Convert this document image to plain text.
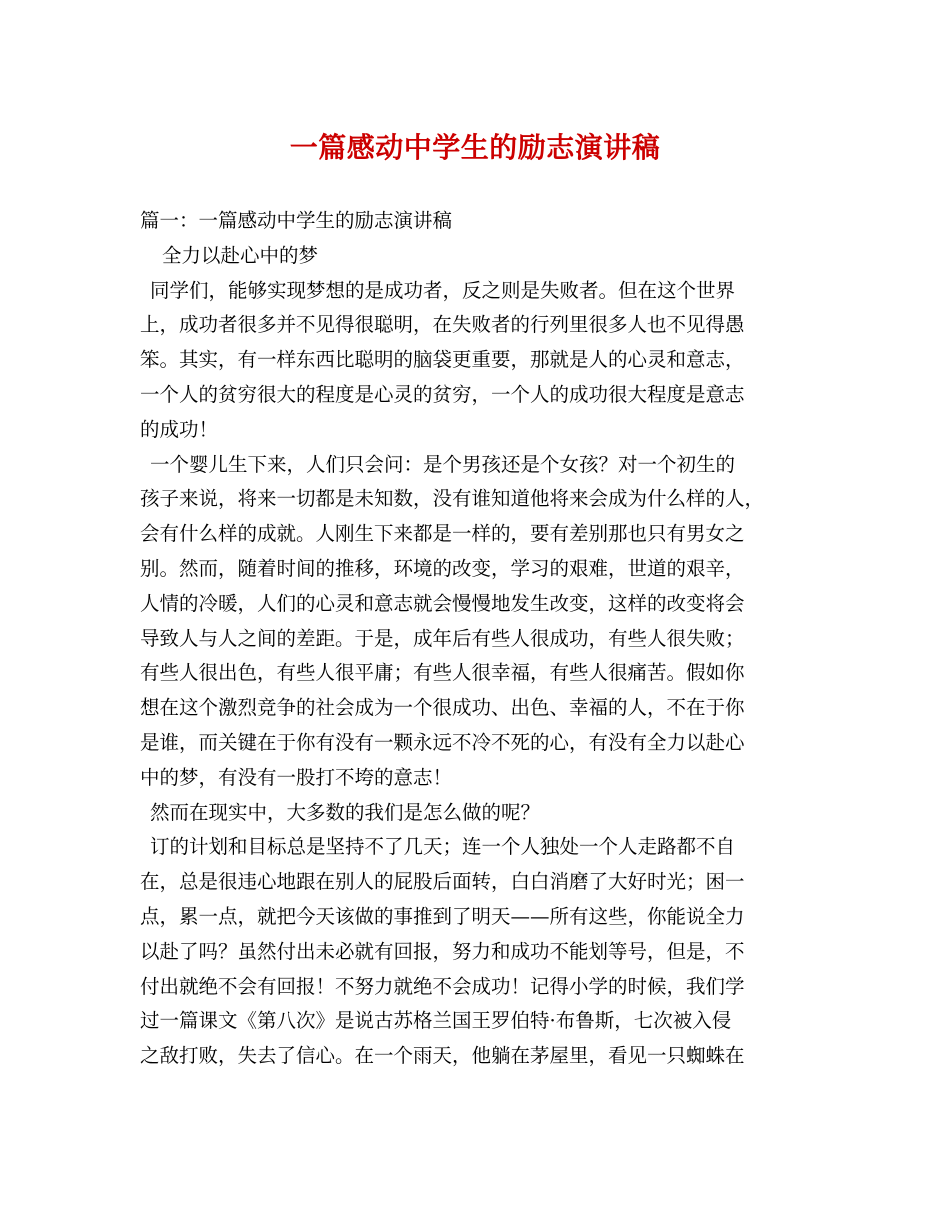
一篇感动中学生的励志演讲稿
篇一：一篇感动中学生的励志演讲稿
全力以赴心中的梦
同学们，能够实现梦想的是成功者，反之则是失败者。但在这个世界
上，成功者很多并不见得很聪明，在失败者的行列里很多人也不见得愚
笨。其实，有一样东西比聪明的脑袋更重要，那就是人的心灵和意志，
一个人的贫穷很大的程度是心灵的贫穷，一个人的成功很大程度是意志
的成功！
一个婴儿生下来，人们只会问：是个男孩还是个女孩？对一个初生的
孩子来说，将来一切都是未知数，没有谁知道他将来会成为什么样的人，
会有什么样的成就。人刚生下来都是一样的，要有差别那也只有男女之
别。然而，随着时间的推移，环境的改变，学习的艰难，世道的艰辛，
人情的冷暖，人们的心灵和意志就会慢慢地发生改变，这样的改变将会
导致人与人之间的差距。于是，成年后有些人很成功，有些人很失败；
有些人很出色，有些人很平庸；有些人很幸福，有些人很痛苦。假如你
想在这个激烈竞争的社会成为一个很成功、出色、幸福的人，不在于你
是谁，而关键在于你有没有一颗永远不冷不死的心，有没有全力以赴心
中的梦，有没有一股打不垮的意志！
然而在现实中，大多数的我们是怎么做的呢？
订的计划和目标总是坚持不了几天；连一个人独处一个人走路都不自
在，总是很违心地跟在别人的屁股后面转，白白消磨了大好时光；困一
点，累一点，就把今天该做的事推到了明天——所有这些，你能说全力
以赴了吗？虽然付出未必就有回报，努力和成功不能划等号，但是，不
付出就绝不会有回报！不努力就绝不会成功！记得小学的时候，我们学
过一篇课文《第八次》是说古苏格兰国王罗伯特·布鲁斯，七次被入侵
之敌打败，失去了信心。在一个雨天，他躺在茅屋里，看见一只蜘蛛在
